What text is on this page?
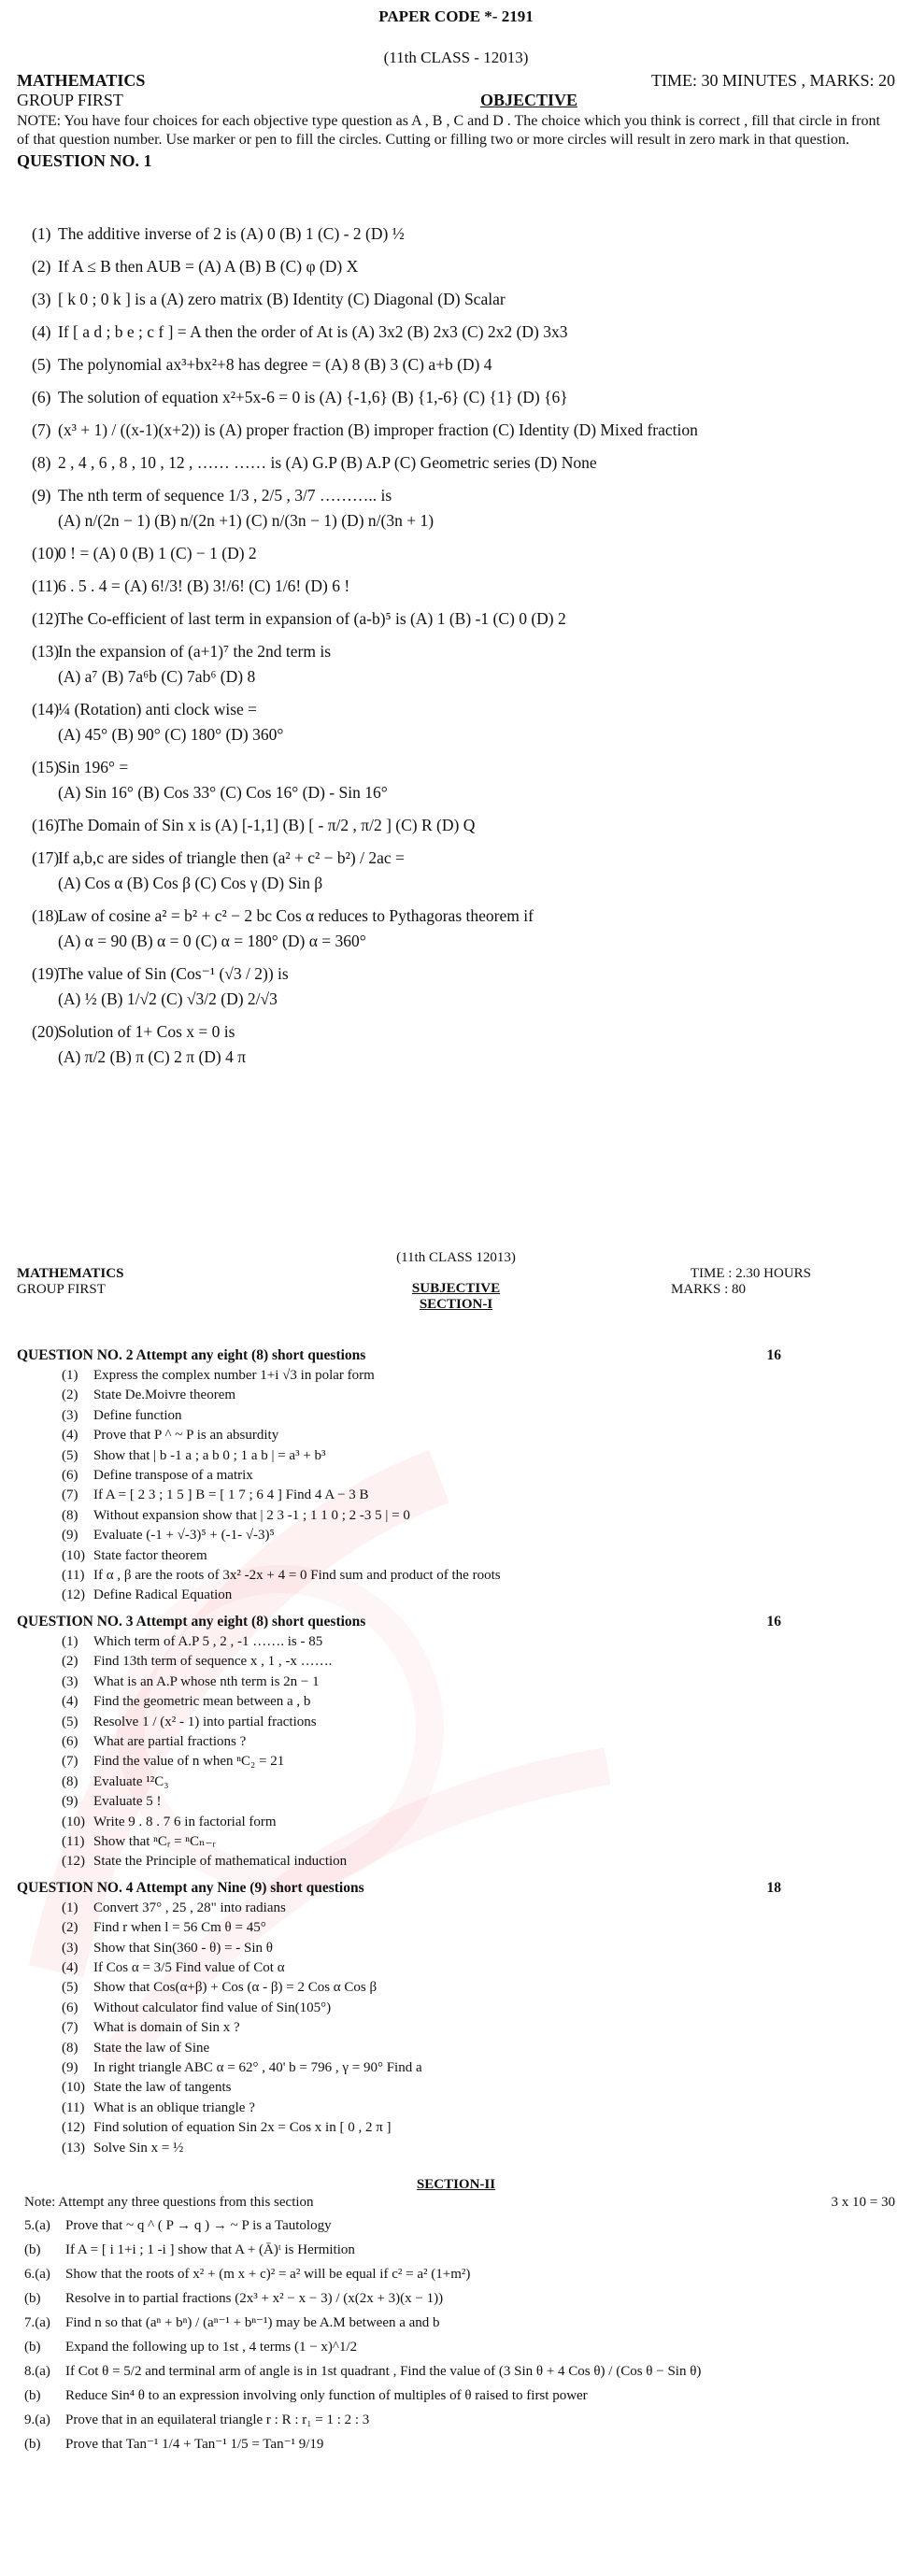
PAPER CODE *- 2191
(11th CLASS - 12013)
MATHEMATICS	TIME: 30 MINUTES , MARKS: 20
GROUP FIRST	OBJECTIVE
NOTE: You have four choices for each objective type question as A , B , C and D . The choice which you think is correct , fill that circle in front of that question number. Use marker or pen to fill the circles. Cutting or filling two or more circles will result in zero mark in that question.
QUESTION NO. 1
(1) The additive inverse of 2 is (A) 0 (B) 1 (C) - 2 (D) ½
(2) If A ≤ B then AUB = (A) A (B) B (C) φ (D) X
(3) [ k 0 ; 0 k ] is a (A) zero matrix (B) Identity (C) Diagonal (D) Scalar
(4) If [ a d ; b e ; c f ] = A then the order of At is (A) 3x2 (B) 2x3 (C) 2x2 (D) 3x3
(5) The polynomial ax³+bx²+8 has degree = (A) 8 (B) 3 (C) a+b (D) 4
(6) The solution of equation x²+5x-6 = 0 is (A) {-1,6} (B) {1,-6} (C) {1} (D) {6}
(7) (x³ + 1) / ((x-1)(x+2)) is (A) proper fraction (B) improper fraction (C) Identity (D) Mixed fraction
(8) 2 , 4 , 6 , 8 , 10 , 12 , …… …… is (A) G.P (B) A.P (C) Geometric series (D) None
(9) The nth term of sequence 1/3 , 2/5 , 3/7 ……….. is
(A) n/(2n − 1) (B) n/(2n +1) (C) n/(3n − 1) (D) n/(3n + 1)
(10)
0 ! = (A) 0 (B) 1 (C) − 1 (D) 2
(11) 6 . 5 . 4 = (A) 6!/3! (B) 3!/6! (C) 1/6! (D) 6 !
(12)
The Co-efficient of last term in expansion of (a-b)⁵ is (A) 1 (B) -1 (C) 0 (D) 2
(13)
In the expansion of (a+1)⁷ the 2nd term is
(A) a⁷ (B) 7a⁶b (C) 7ab⁶ (D) 8
(14)
¼ (Rotation) anti clock wise =
(A) 45° (B) 90° (C) 180° (D) 360°
(15)
Sin 196° =
(A) Sin 16° (B) Cos 33° (C) Cos 16° (D) - Sin 16°
(16)
The Domain of Sin x is (A) [-1,1] (B) [ - π/2 , π/2 ] (C) R (D) Q
(17)
If a,b,c are sides of triangle then (a² + c² − b²) / 2ac =
(A) Cos α (B) Cos β (C) Cos γ (D) Sin β
(18)
Law of cosine a² = b² + c² − 2 bc Cos α reduces to Pythagoras theorem if
(A) α = 90 (B) α = 0 (C) α = 180° (D) α = 360°
(19)
The value of Sin (Cos⁻¹ (√3 / 2)) is
(A) ½ (B) 1/√2 (C) √3/2 (D) 2/√3
(20)
Solution of 1+ Cos x = 0 is
(A) π/2 (B) π (C) 2 π (D) 4 π
(11th CLASS 12013)
MATHEMATICS	TIME : 2.30 HOURS
GROUP FIRST	MARKS : 80
SUBJECTIVE
SECTION-I
QUESTION NO. 2 Attempt any eight (8) short questions	16
(1)	Express the complex number 1+i √3 in polar form
(2)	State De.Moivre theorem
(3)	Define function
(4)	Prove that P ^ ~ P is an absurdity
(5)	Show that | b -1 a ; a b 0 ; 1 a b | = a³ + b³
(6)	Define transpose of a matrix
(7)	If A = [ 2 3 ; 1 5 ] B = [ 1 7 ; 6 4 ] Find 4 A − 3 B
(8)	Without expansion show that | 2 3 -1 ; 1 1 0 ; 2 -3 5 | = 0
(9)	Evaluate (-1 + √-3)⁵ + (-1- √-3)⁵
(10) State factor theorem
(11) If α , β are the roots of 3x² -2x + 4 = 0 Find sum and product of the roots
(12) Define Radical Equation
QUESTION NO. 3 Attempt any eight (8) short questions	16
(1)	Which term of A.P 5 , 2 , -1 ……. is - 85
(2)	Find 13th term of sequence x , 1 , -x …….
(3)	What is an A.P whose nth term is 2n − 1
(4)	Find the geometric mean between a , b
(5)	Resolve 1 / (x² - 1) into partial fractions
(6)	What are partial fractions ?
(7)	Find the value of n when ⁿC₂ = 21
(8)	Evaluate ¹²C₃
(9)	Evaluate 5 !
(10) Write 9 . 8 . 7 6 in factorial form
(11) Show that ⁿCᵣ = ⁿCₙ₋ᵣ
(12) State the Principle of mathematical induction
QUESTION NO. 4 Attempt any Nine (9) short questions	18
(1)	Convert 37° , 25 , 28" into radians
(2)	Find r when l = 56 Cm θ = 45°
(3)	Show that Sin(360 - θ) = - Sin θ
(4)	If Cos α = 3/5 Find value of Cot α
(5)	Show that Cos(α+β) + Cos (α - β) = 2 Cos α Cos β
(6)	Without calculator find value of Sin(105°)
(7)	What is domain of Sin x ?
(8)	State the law of Sine
(9)	In right triangle ABC α = 62° , 40' b = 796 , γ = 90° Find a
(10) State the law of tangents
(11) What is an oblique triangle ?
(12) Find solution of equation Sin 2x = Cos x in [ 0 , 2 π ]
(13) Solve Sin x = ½
SECTION-II
Note: Attempt any three questions from this section	3 x 10 = 30
5.(a)	Prove that ~ q ^ ( P → q ) → ~ P is a Tautology
(b)	If A = [ i 1+i ; 1 -i ] show that A + (Ā)ᵗ is Hermition
6.(a)	Show that the roots of x² + (m x + c)² = a² will be equal if c² = a² (1+m²)
(b)	Resolve in to partial fractions (2x³ + x² − x − 3) / (x(2x + 3)(x − 1))
7.(a)	Find n so that (aⁿ + bⁿ) / (aⁿ⁻¹ + bⁿ⁻¹) may be A.M between a and b
(b)	Expand the following up to 1st , 4 terms (1 − x)^1/2
8.(a)	If Cot θ = 5/2 and terminal arm of angle is in 1st quadrant , Find the value of (3 Sin θ + 4 Cos θ) / (Cos θ − Sin θ)
(b)	Reduce Sin⁴ θ to an expression involving only function of multiples of θ raised to first power
9.(a)	Prove that in an equilateral triangle r : R : r₁ = 1 : 2 : 3
(b)	Prove that Tan⁻¹ 1/4 + Tan⁻¹ 1/5 = Tan⁻¹ 9/19
